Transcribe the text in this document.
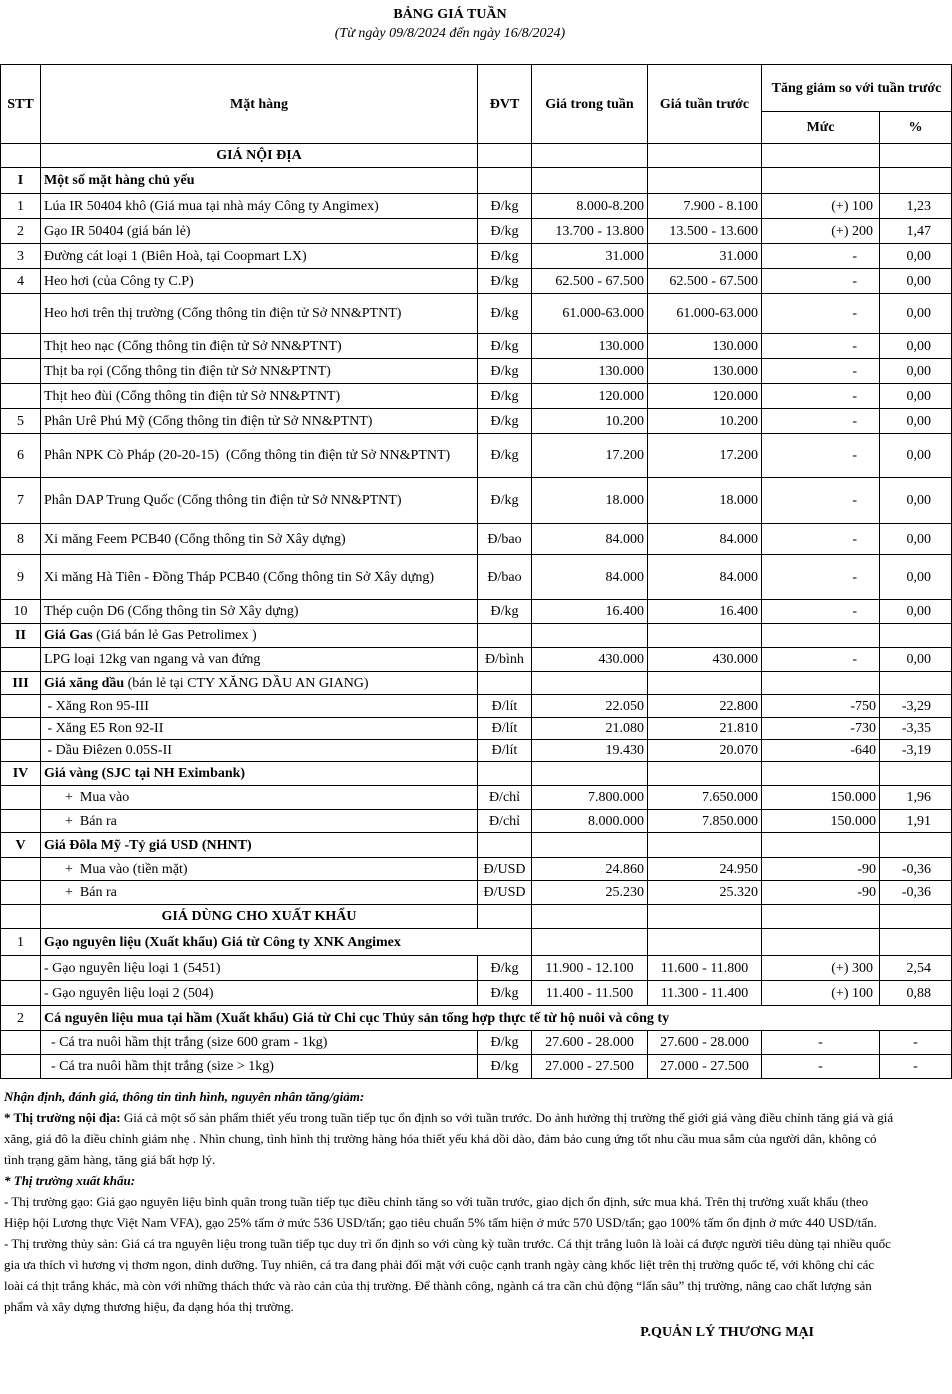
BẢNG GIÁ TUẦN
(Từ ngày 09/8/2024 đến ngày 16/8/2024)
STT	Mặt hàng	ĐVT	Giá trong tuần	Giá tuần trước	Tăng giảm so với tuần trước		
					Mức	%	
	GIÁ NỘI ĐỊA						
I	Một số mặt hàng chủ yếu						
1	Lúa IR 50404 khô (Giá mua tại nhà máy Công ty Angimex)	Đ/kg	8.000-8.200	7.900 - 8.100	(+) 100	1,23	
2	Gạo IR 50404 (giá bán lẻ)	Đ/kg	13.700 - 13.800	13.500 - 13.600	(+) 200	1,47	
3	Đường cát loại 1 (Biên Hoà, tại Coopmart LX)	Đ/kg	31.000	31.000	-	0,00	
4	Heo hơi (của Công ty C.P)	Đ/kg	62.500 - 67.500	62.500 - 67.500	-	0,00	
	Heo hơi trên thị trường (Cổng thông tin điện tử Sở NN&PTNT)	Đ/kg	61.000-63.000	61.000-63.000	-	0,00	
	Thịt heo nạc (Cổng thông tin điện tử Sở NN&PTNT)	Đ/kg	130.000	130.000	-	0,00	
	Thịt ba rọi (Cổng thông tin điện tử Sở NN&PTNT)	Đ/kg	130.000	130.000	-	0,00	
	Thịt heo đùi (Cổng thông tin điện tử Sở NN&PTNT)	Đ/kg	120.000	120.000	-	0,00	
5	Phân Urê Phú Mỹ (Cổng thông tin điện tử Sở NN&PTNT)	Đ/kg	10.200	10.200	-	0,00	
6	Phân NPK Cò Pháp (20-20-15)  (Cổng thông tin điện tử Sở NN&PTNT)	Đ/kg	17.200	17.200	-	0,00	
7	Phân DAP Trung Quốc (Cổng thông tin điện tử Sở NN&PTNT)	Đ/kg	18.000	18.000	-	0,00	
8	Xi măng Feem PCB40 (Cổng thông tin Sở Xây dựng)	Đ/bao	84.000	84.000	-	0,00	
9	Xi măng Hà Tiên - Đồng Tháp PCB40 (Cổng thông tin Sở Xây dựng)	Đ/bao	84.000	84.000	-	0,00	
10	Thép cuộn D6 (Cổng thông tin Sở Xây dựng)	Đ/kg	16.400	16.400	-	0,00	
II	Giá Gas (Giá bán lẻ Gas Petrolimex )						
	LPG loại 12kg van ngang và van đứng	Đ/bình	430.000	430.000	-	0,00	
III	Giá xăng dầu (bán lẻ tại CTY XĂNG DẦU AN GIANG)						
	- Xăng Ron 95-III	Đ/lít	22.050	22.800	-750	-3,29	
	- Xăng E5 Ron 92-II	Đ/lít	21.080	21.810	-730	-3,35	
	- Dầu Điêzen 0.05S-II	Đ/lít	19.430	20.070	-640	-3,19	
IV	Giá vàng (SJC tại NH Eximbank)						
	+  Mua vào	Đ/chỉ	7.800.000	7.650.000	150.000	1,96	
	+  Bán ra	Đ/chỉ	8.000.000	7.850.000	150.000	1,91	
V	Giá Đôla Mỹ -Tỷ giá USD (NHNT)						
	+  Mua vào (tiền mặt)	Đ/USD	24.860	24.950	-90	-0,36	
	+  Bán ra	Đ/USD	25.230	25.320	-90	-0,36	
	GIÁ DÙNG CHO XUẤT KHẨU						
1	Gạo nguyên liệu (Xuất khẩu) Giá từ Công ty XNK Angimex						
	- Gạo nguyên liệu loại 1 (5451)	Đ/kg	11.900 - 12.100	11.600 - 11.800	(+) 300	2,54	
	- Gạo nguyên liệu loại 2 (504)	Đ/kg	11.400 - 11.500	11.300 - 11.400	(+) 100	0,88	
2	Cá nguyên liệu mua tại hầm (Xuất khẩu) Giá từ Chi cục Thủy sản tổng hợp thực tế từ hộ nuôi và công ty		
	- Cá tra nuôi hầm thịt trắng (size 600 gram - 1kg)	Đ/kg	27.600 - 28.000	27.600 - 28.000	-	-	
	- Cá tra nuôi hầm thịt trắng (size > 1kg)	Đ/kg	27.000 - 27.500	27.000 - 27.500	-	-	

Nhận định, đánh giá, thông tin tình hình, nguyên nhân tăng/giảm:

* Thị trường nội địa: Giá cả một số sản phẩm thiết yếu trong tuần tiếp tục ổn định so với tuần trước. Do ảnh hưởng thị trường thế giới giá vàng điều chỉnh tăng giá và giá xăng, giá đô la điều chỉnh giảm nhẹ . Nhìn chung, tình hình thị trường hàng hóa thiết yếu khá dồi dào, đảm bảo cung ứng tốt nhu cầu mua sắm của người dân, không có tình trạng găm hàng, tăng giá bất hợp lý.

* Thị trường xuất khẩu:

- Thị trường gạo: Giá gạo nguyên liệu bình quân trong tuần tiếp tục điều chỉnh tăng so với tuần trước, giao dịch ổn định, sức mua khá. Trên thị trường xuất khẩu (theo Hiệp hội Lương thực Việt Nam VFA), gạo 25% tấm ở mức 536 USD/tấn; gạo tiêu chuẩn 5% tấm hiện ở mức 570 USD/tấn; gạo 100% tấm ổn định ở mức 440 USD/tấn.

- Thị trường thủy sản: Giá cá tra nguyên liệu trong tuần tiếp tục duy trì ổn định so với cùng kỳ tuần trước. Cá thịt trắng luôn là loài cá được người tiêu dùng tại nhiều quốc gia ưa thích vì hương vị thơm ngon, dinh dưỡng. Tuy nhiên, cá tra đang phải đối mặt với cuộc cạnh tranh ngày càng khốc liệt trên thị trường quốc tế, với không chỉ các loài cá thịt trắng khác, mà còn với những thách thức và rào cản của thị trường. Để thành công, ngành cá tra cần chủ động “lấn sâu” thị trường, nâng cao chất lượng sản phẩm và xây dựng thương hiệu, đa dạng hóa thị trường.

P.QUẢN LÝ THƯƠNG MẠI
